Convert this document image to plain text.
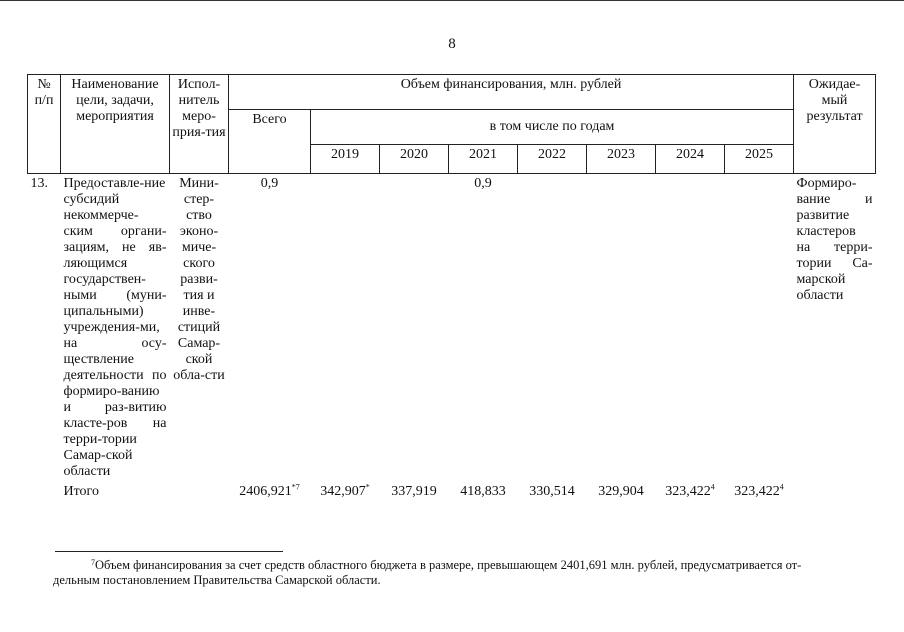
8
№ п/п	Наименование цели, задачи, мероприятия	Испол-нитель меро-прия-тия	Объем финансирования, млн. рублей								Ожидае-мый результат
			Всего	в том числе по годам							
				2019	2020	2021	2022	2023	2024	2025	
13.	Предоставле-ние субсидий некоммерче-ским органи-зациям, не яв-ляющимся государствен-ными (муни-ципальными) учреждения-ми, на осу-ществление деятельности по формиро-ванию и раз-витию класте-ров на терри-тории Самар-ской области	Мини-стер-ство эконо-миче-ского разви-тия и инве-стиций Самар-ской обла-сти	0,9			0,9					Формиро-вание и развитие кластеров на терри-тории Са-марской области
	Итого		2406,921$^{*7}$	342,907*	337,919	418,833	330,514	329,904	323,422$^4$	323,422$^4$	
$^7$Объем финансирования за счет средств областного бюджета в размере, превышающем 2401,691 млн. рублей, предусматривается от-
дельным постановлением Правительства Самарской области.
